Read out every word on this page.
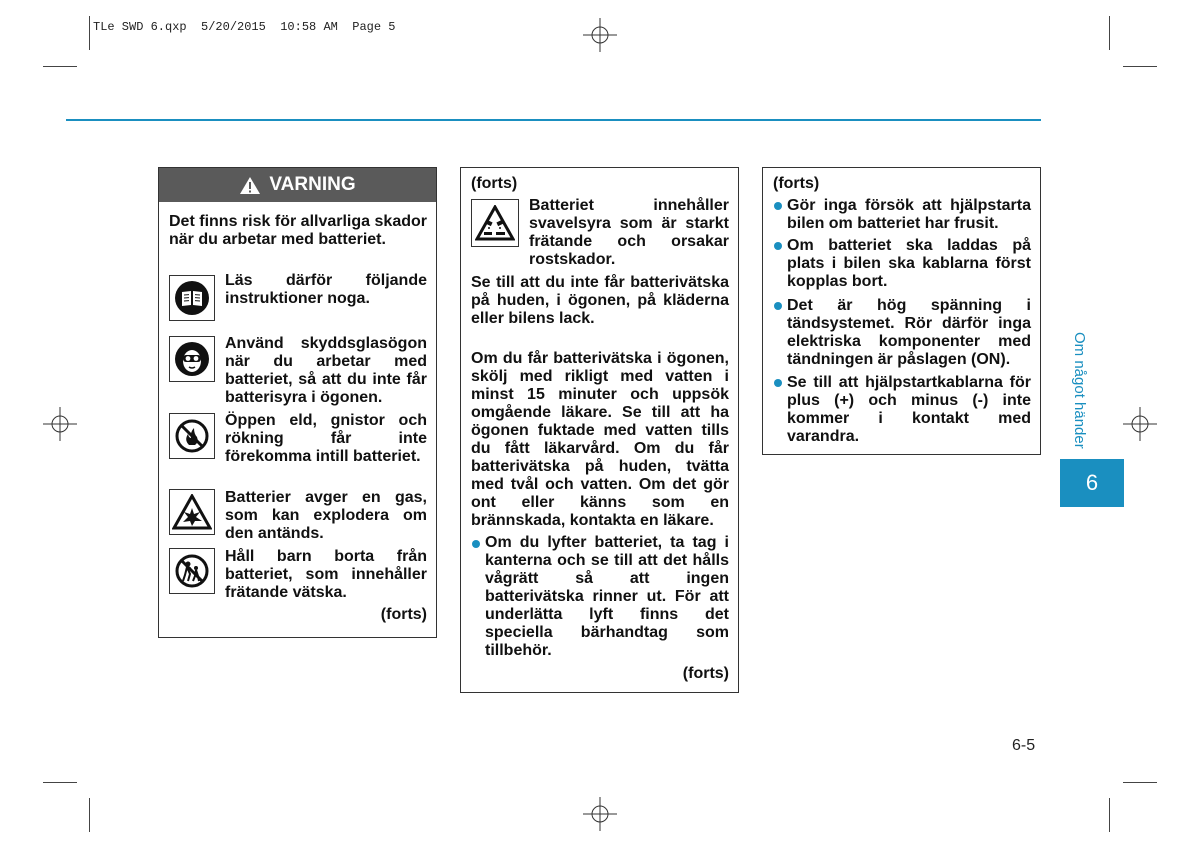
TLe SWD 6.qxp  5/20/2015  10:58 AM  Page 5
VARNING
Det finns risk för allvarliga skador när du arbetar med batteriet.
Läs därför följande instruktioner noga.
Använd skyddsglasögon när du arbetar med batteriet, så att du inte får batterisyra i ögonen.
Öppen eld, gnistor och rökning får inte förekomma intill batteriet.
Batterier avger en gas, som kan explodera om den antänds.
Håll barn borta från batteriet, som innehåller frätande vätska.
(forts)
(forts)
Batteriet innehåller svavelsyra som är starkt frätande och orsakar rostskador.
Se till att du inte får batterivätska på huden, i ögonen, på kläderna eller bilens lack.
Om du får batterivätska i ögonen, skölj med rikligt med vatten i minst 15 minuter och uppsök omgående läkare. Se till att ha ögonen fuktade med vatten tills du fått läkarvård. Om du får batterivätska på huden, tvätta med tvål och vatten. Om det gör ont eller känns som en brännskada, kontakta en läkare.
Om du lyfter batteriet, ta tag i kanterna och se till att det hålls vågrätt så att ingen batterivätska rinner ut. För att underlätta lyft finns det speciella bärhandtag som tillbehör.
(forts)
(forts)
Gör inga försök att hjälpstarta bilen om batteriet har frusit.
Om batteriet ska laddas på plats i bilen ska kablarna först kopplas bort.
Det är hög spänning i tändsystemet. Rör därför inga elektriska komponenter med tändningen är påslagen (ON).
Se till att hjälpstartkablarna för plus (+) och minus (-) inte kommer i kontakt med varandra.	Om något händer
6
6-5
